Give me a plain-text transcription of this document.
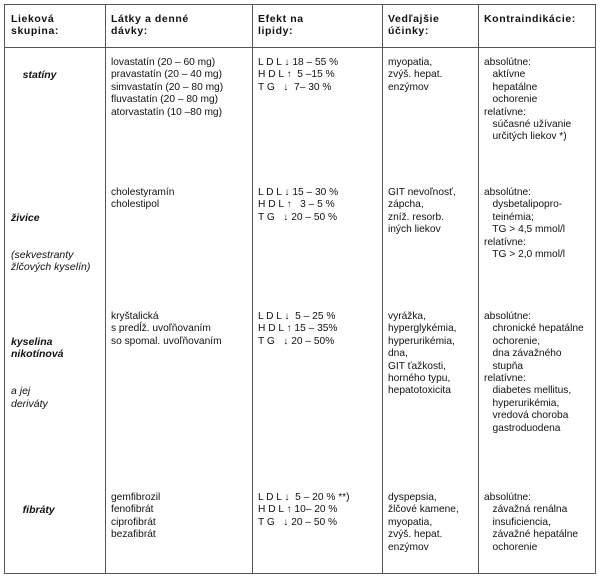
Lieková
skupina:
Látky a denné
dávky:
Efekt na
lipidy:
Vedľajšie
účinky:
Kontraindikácie:

statíny

lovastatín (20 – 60 mg)
pravastatín (20 – 40 mg)
simvastatín (20 – 80 mg)
fluvastatín (20 – 80 mg)
atorvastatín (10 –80 mg)
L D L ↓ 18 – 55 %
H D L ↑  5 –15 %
T G   ↓  7– 30 %
myopatia,
zvýš. hepat.
enzýmov
absolútne:
aktívne
hepatálne
ochorenie
relatívne:
súčasné užívanie
určitých liekov *)

živice

(sekvestranty
žlčových kyselín)

cholestyramín
cholestipol
L D L ↓ 15 – 30 %
H D L ↑   3 – 5 %
T G   ↓ 20 – 50 %
GIT nevoľnosť,
zápcha,
zníž. resorb.
iných liekov
absolútne:
dysbetalipopro-
teinémia;
TG > 4,5 mmol/l
relatívne:
TG > 2,0 mmol/l

kyselina
nikotínová

a jej
deriváty

kryštalická
s predĺž. uvoľňovaním
so spomal. uvoľňovaním
L D L ↓  5 – 25 %
H D L ↑ 15 – 35%
T G   ↓ 20 – 50%
vyrážka,
hyperglykémia,
hyperurikémia,
dna,
GIT ťažkosti,
horného typu,
hepatotoxicita
absolútne:
chronické hepatálne
ochorenie,
dna závažného
stupňa
relatívne:
diabetes mellitus,
hyperurikémia,
vredová choroba
gastroduodena

fibráty

gemfibrozil
fenofibrát
ciprofibrát
bezafibrát
L D L ↓  5 – 20 % **)
H D L ↑ 10– 20 %
T G   ↓ 20 – 50 %
dyspepsia,
žlčové kamene,
myopatia,
zvýš. hepat.
enzýmov
absolútne:
závažná renálna
insuficiencia,
závažné hepatálne
ochorenie
